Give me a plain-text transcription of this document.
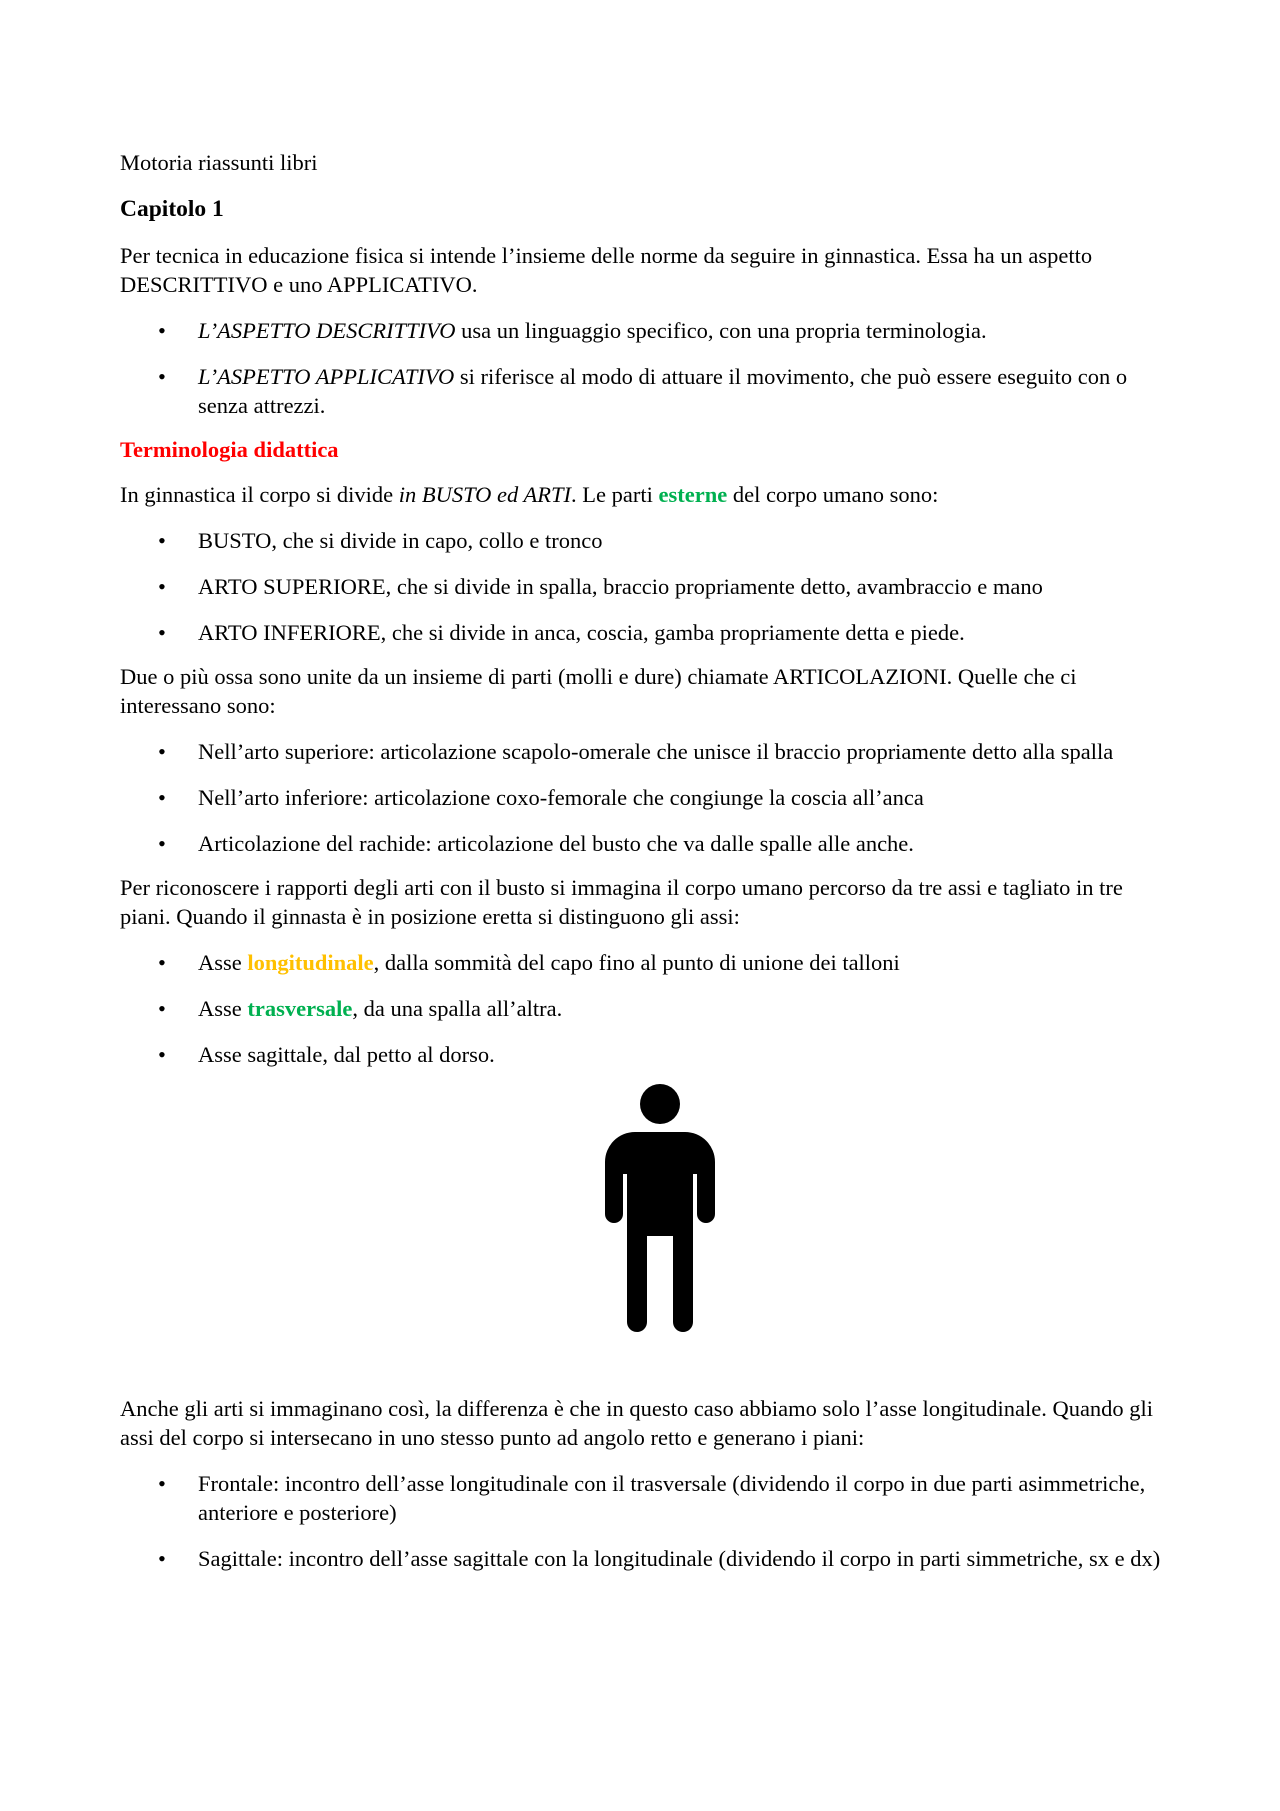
Motoria riassunti libri

Capitolo 1

Per tecnica in educazione fisica si intende l’insieme delle norme da seguire in ginnastica. Essa ha un aspetto DESCRITTIVO e uno APPLICATIVO.

• L’ASPETTO DESCRITTIVO usa un linguaggio specifico, con una propria terminologia.
• L’ASPETTO APPLICATIVO si riferisce al modo di attuare il movimento, che può essere eseguito con o senza attrezzi.

Terminologia didattica

In ginnastica il corpo si divide in BUSTO ed ARTI. Le parti esterne del corpo umano sono:

• BUSTO, che si divide in capo, collo e tronco
• ARTO SUPERIORE, che si divide in spalla, braccio propriamente detto, avambraccio e mano
• ARTO INFERIORE, che si divide in anca, coscia, gamba propriamente detta e piede.

Due o più ossa sono unite da un insieme di parti (molli e dure) chiamate ARTICOLAZIONI. Quelle che ci interessano sono:

• Nell’arto superiore: articolazione scapolo-omerale che unisce il braccio propriamente detto alla spalla
• Nell’arto inferiore: articolazione coxo-femorale che congiunge la coscia all’anca
• Articolazione del rachide: articolazione del busto che va dalle spalle alle anche.

Per riconoscere i rapporti degli arti con il busto si immagina il corpo umano percorso da tre assi e tagliato in tre piani. Quando il ginnasta è in posizione eretta si distinguono gli assi:

• Asse longitudinale, dalla sommità del capo fino al punto di unione dei talloni
• Asse trasversale, da una spalla all’altra.
• Asse sagittale, dal petto al dorso.

Anche gli arti si immaginano così, la differenza è che in questo caso abbiamo solo l’asse longitudinale. Quando gli assi del corpo si intersecano in uno stesso punto ad angolo retto e generano i piani:

• Frontale: incontro dell’asse longitudinale con il trasversale (dividendo il corpo in due parti asimmetriche, anteriore e posteriore)
• Sagittale: incontro dell’asse sagittale con la longitudinale (dividendo il corpo in parti simmetriche, sx e dx)
